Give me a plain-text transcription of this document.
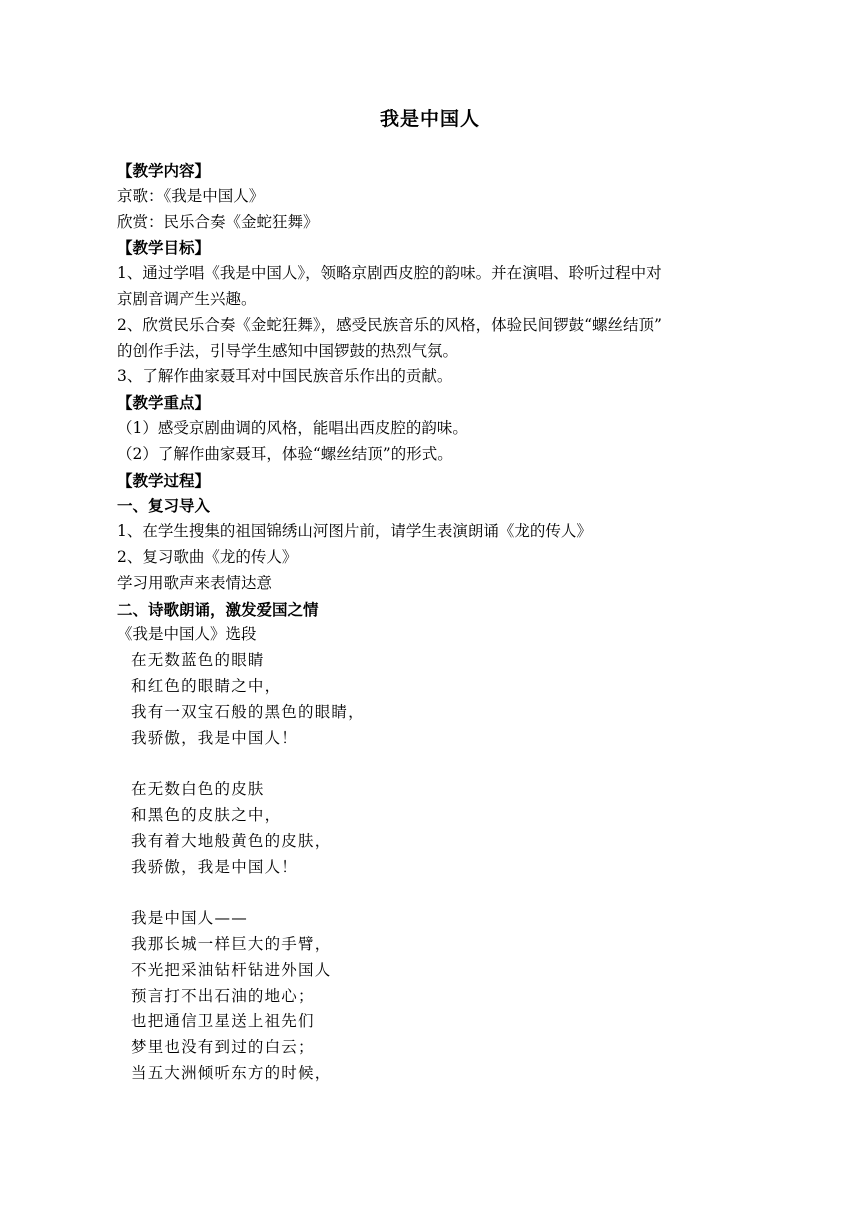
我是中国人
【教学内容】
京歌：《我是中国人》
欣赏：民乐合奏《金蛇狂舞》
【教学目标】
1、通过学唱《我是中国人》，领略京剧西皮腔的韵味。并在演唱、聆听过程中对
京剧音调产生兴趣。
2、欣赏民乐合奏《金蛇狂舞》，感受民族音乐的风格，体验民间锣鼓“螺丝结顶”
的创作手法，引导学生感知中国锣鼓的热烈气氛。
3、了解作曲家聂耳对中国民族音乐作出的贡献。
【教学重点】
（1）感受京剧曲调的风格，能唱出西皮腔的韵味。
（2）了解作曲家聂耳，体验“螺丝结顶”的形式。
【教学过程】
一、复习导入
1、在学生搜集的祖国锦绣山河图片前，请学生表演朗诵《龙的传人》
2、复习歌曲《龙的传人》
学习用歌声来表情达意
二、诗歌朗诵，激发爱国之情
《我是中国人》选段
在无数蓝色的眼睛
和红色的眼睛之中，
我有一双宝石般的黑色的眼睛，
我骄傲，我是中国人！
在无数白色的皮肤
和黑色的皮肤之中，
我有着大地般黄色的皮肤，
我骄傲，我是中国人！
我是中国人——
我那长城一样巨大的手臂，
不光把采油钻杆钻进外国人
预言打不出石油的地心；
也把通信卫星送上祖先们
梦里也没有到过的白云；
当五大洲倾听东方的时候，
